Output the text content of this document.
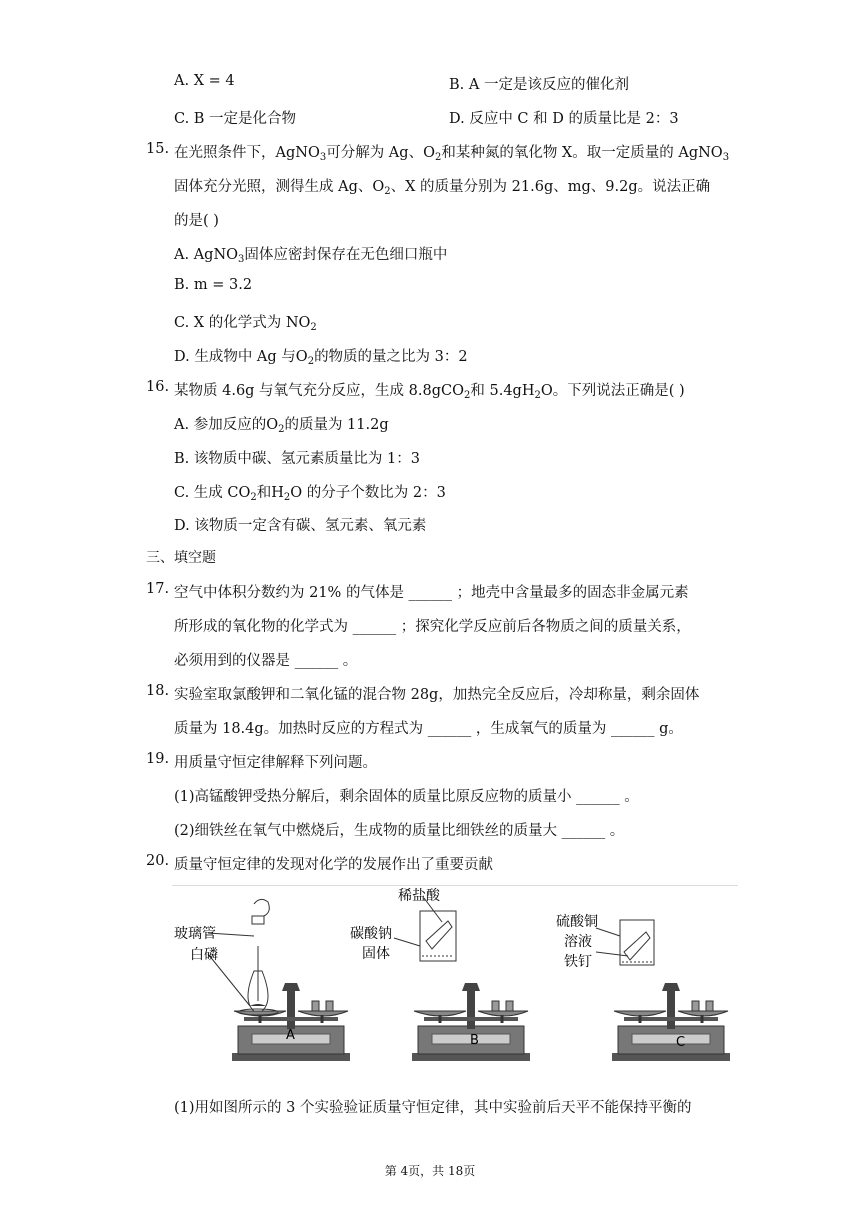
A. X = 4	B. A 一定是该反应的催化剂
C. B 一定是化合物	D. 反应中 C 和 D 的质量比是 2：3
15. 在光照条件下，AgNO$_3$可分解为 Ag、$O_2$和某种氮的氧化物 X。取一定质量的 AgNO$_3$
固体充分光照，测得生成 Ag、$O_2$、X 的质量分别为 21.6g、mg、9.2g。说法正确
的是( )
A. AgNO$_3$固体应密封保存在无色细口瓶中
B. m = 3.2
C. X 的化学式为 $NO_2$
D. 生成物中 Ag 与$O_2$的物质的量之比为 3：2
16. 某物质 4.6g 与氧气充分反应，生成 8.8gCO$_2$和 $5.4gH_2O$。下列说法正确是( )
A. 参加反应的$O_2$的质量为 11.2g
B. 该物质中碳、氢元素质量比为 1：3
C. 生成 $CO_2$和$H_2O$ 的分子个数比为 2：3
D. 该物质一定含有碳、氢元素、氧元素
三、填空题
17. 空气中体积分数约为 21% 的气体是 ______ ；地壳中含量最多的固态非金属元素
所形成的氧化物的化学式为 ______ ；探究化学反应前后各物质之间的质量关系，
必须用到的仪器是 ______ 。
18. 实验室取氯酸钾和二氧化锰的混合物 28g，加热完全反应后，冷却称量，剩余固体
质量为 18.4g。加热时反应的方程式为 ______ ，生成氧气的质量为 ______ g。
19. 用质量守恒定律解释下列问题。
(1)高锰酸钾受热分解后，剩余固体的质量比原反应物的质量小 ______ 。
(2)细铁丝在氧气中燃烧后，生成物的质量比细铁丝的质量大 ______ 。
20. 质量守恒定律的发现对化学的发展作出了重要贡献
玻璃管
白磷
A
稀盐酸
碳酸钠
固体
B
硫酸铜
溶液
铁钉
C
(1)用如图所示的 3 个实验验证质量守恒定律，其中实验前后天平不能保持平衡的
第 4页，共 18页
